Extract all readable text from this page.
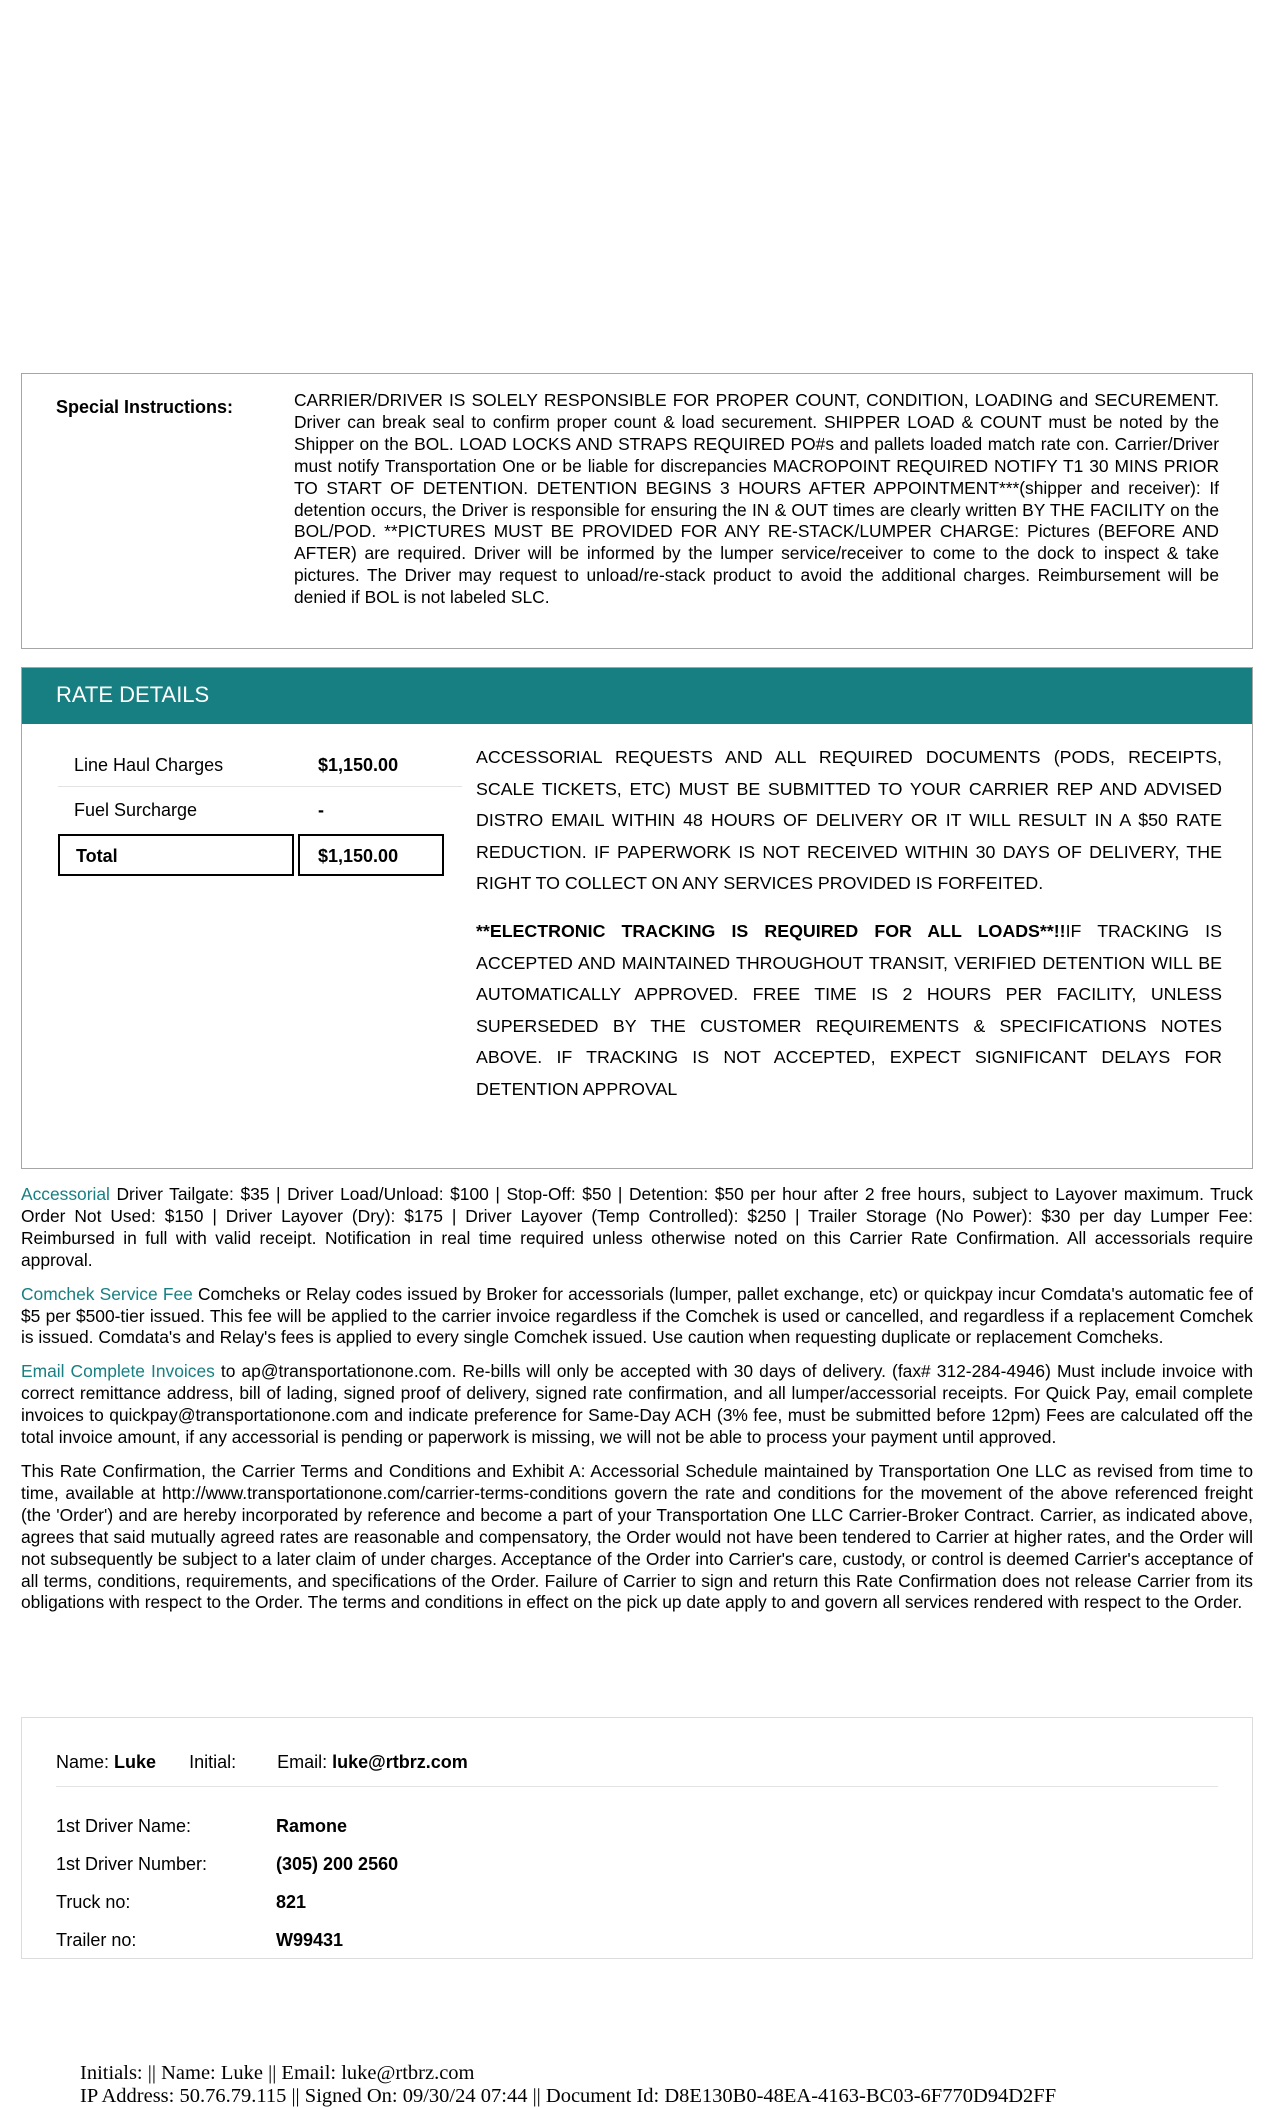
Special Instructions:	CARRIER/DRIVER IS SOLELY RESPONSIBLE FOR PROPER COUNT, CONDITION, LOADING and SECUREMENT. Driver can break seal to confirm proper count & load securement. SHIPPER LOAD & COUNT must be noted by the Shipper on the BOL. LOAD LOCKS AND STRAPS REQUIRED PO#s and pallets loaded match rate con. Carrier/Driver must notify Transportation One or be liable for discrepancies MACROPOINT REQUIRED NOTIFY T1 30 MINS PRIOR TO START OF DETENTION. DETENTION BEGINS 3 HOURS AFTER APPOINTMENT***(shipper and receiver): If detention occurs, the Driver is responsible for ensuring the IN & OUT times are clearly written BY THE FACILITY on the BOL/POD. **PICTURES MUST BE PROVIDED FOR ANY RE-STACK/LUMPER CHARGE: Pictures (BEFORE AND AFTER) are required. Driver will be informed by the lumper service/receiver to come to the dock to inspect & take pictures. The Driver may request to unload/re-stack product to avoid the additional charges. Reimbursement will be denied if BOL is not labeled SLC.
RATE DETAILS
Line Haul Charges	$1,150.00
Fuel Surcharge	-
Total	$1,150.00

ACCESSORIAL REQUESTS AND ALL REQUIRED DOCUMENTS (PODS, RECEIPTS, SCALE TICKETS, ETC) MUST BE SUBMITTED TO YOUR CARRIER REP AND ADVISED DISTRO EMAIL WITHIN 48 HOURS OF DELIVERY OR IT WILL RESULT IN A $50 RATE REDUCTION. IF PAPERWORK IS NOT RECEIVED WITHIN 30 DAYS OF DELIVERY, THE RIGHT TO COLLECT ON ANY SERVICES PROVIDED IS FORFEITED.

**ELECTRONIC TRACKING IS REQUIRED FOR ALL LOADS**!!IF TRACKING IS ACCEPTED AND MAINTAINED THROUGHOUT TRANSIT, VERIFIED DETENTION WILL BE AUTOMATICALLY APPROVED. FREE TIME IS 2 HOURS PER FACILITY, UNLESS SUPERSEDED BY THE CUSTOMER REQUIREMENTS & SPECIFICATIONS NOTES ABOVE. IF TRACKING IS NOT ACCEPTED, EXPECT SIGNIFICANT DELAYS FOR DETENTION APPROVAL

Accessorial Driver Tailgate: $35 | Driver Load/Unload: $100 | Stop-Off: $50 | Detention: $50 per hour after 2 free hours, subject to Layover maximum. Truck Order Not Used: $150 | Driver Layover (Dry): $175 | Driver Layover (Temp Controlled): $250 | Trailer Storage (No Power): $30 per day Lumper Fee: Reimbursed in full with valid receipt. Notification in real time required unless otherwise noted on this Carrier Rate Confirmation. All accessorials require approval.

Comchek Service Fee Comcheks or Relay codes issued by Broker for accessorials (lumper, pallet exchange, etc) or quickpay incur Comdata's automatic fee of $5 per $500-tier issued. This fee will be applied to the carrier invoice regardless if the Comchek is used or cancelled, and regardless if a replacement Comchek is issued. Comdata's and Relay's fees is applied to every single Comchek issued. Use caution when requesting duplicate or replacement Comcheks.

Email Complete Invoices to ap@transportationone.com. Re-bills will only be accepted with 30 days of delivery. (fax# 312-284-4946) Must include invoice with correct remittance address, bill of lading, signed proof of delivery, signed rate confirmation, and all lumper/accessorial receipts. For Quick Pay, email complete invoices to quickpay@transportationone.com and indicate preference for Same-Day ACH (3% fee, must be submitted before 12pm) Fees are calculated off the total invoice amount, if any accessorial is pending or paperwork is missing, we will not be able to process your payment until approved.

This Rate Confirmation, the Carrier Terms and Conditions and Exhibit A: Accessorial Schedule maintained by Transportation One LLC as revised from time to time, available at http://www.transportationone.com/carrier-terms-conditions govern the rate and conditions for the movement of the above referenced freight (the 'Order') and are hereby incorporated by reference and become a part of your Transportation One LLC Carrier-Broker Contract. Carrier, as indicated above, agrees that said mutually agreed rates are reasonable and compensatory, the Order would not have been tendered to Carrier at higher rates, and the Order will not subsequently be subject to a later claim of under charges. Acceptance of the Order into Carrier's care, custody, or control is deemed Carrier's acceptance of all terms, conditions, requirements, and specifications of the Order. Failure of Carrier to sign and return this Rate Confirmation does not release Carrier from its obligations with respect to the Order. The terms and conditions in effect on the pick up date apply to and govern all services rendered with respect to the Order.

Name: Luke Initial: Email: luke@rtbrz.com
1st Driver Name:	Ramone
1st Driver Number:	(305) 200 2560
Truck no:	821
Trailer no:	W99431
Initials: || Name: Luke || Email: luke@rtbrz.com
IP Address: 50.76.79.115 || Signed On: 09/30/24 07:44 || Document Id: D8E130B0-48EA-4163-BC03-6F770D94D2FF
